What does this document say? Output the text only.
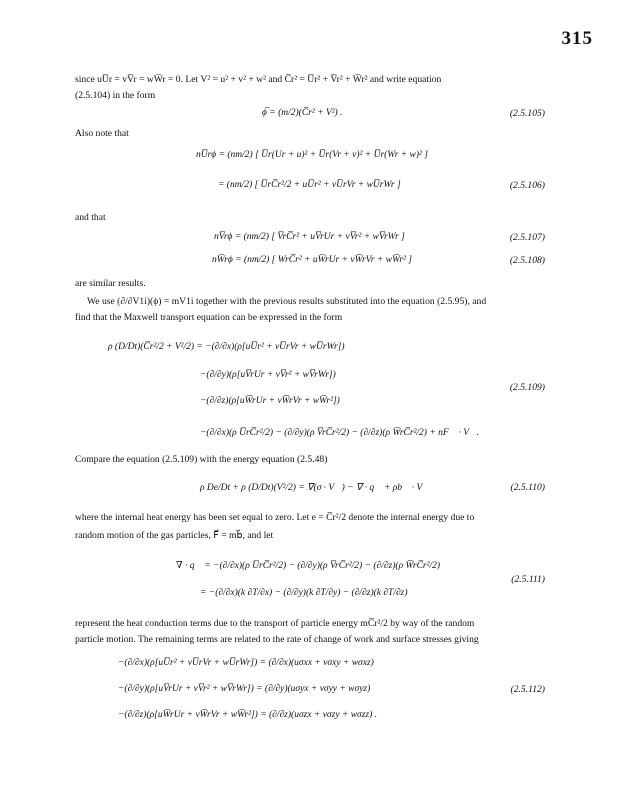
315
since uU̅r = vV̅r = wW̅r = 0. Let V² = u² + v² + w² and C̅r² = U̅r² + V̅r² + W̅r² and write equation
(2.5.104) in the form
ϕ̅ = (m/2)(C̅r² + V²) .	(2.5.105)
Also note that
nU̅rϕ = (nm/2) [ U̅r(Ur + u)² + U̅r(Vr + v)² + U̅r(Wr + w)² ]
= (nm/2) [ U̅rC̅r²/2 + uU̅r² + vU̅rVr + wU̅rWr ]	(2.5.106)
and that
nV̅rϕ = (nm/2) [ V̅rC̅r² + uV̅rUr + vV̅r² + wV̅rWr ]	(2.5.107)
nW̅rϕ = (nm/2) [ WrC̅r² + uW̅rUr + vW̅rVr + wW̅r² ]	(2.5.108)
are similar results.
We use (∂/∂V1i)(ϕ) = mV1i together with the previous results substituted into the equation (2.5.95), and
find that the Maxwell transport equation can be expressed in the form
ρ (D/Dt)(C̅r²/2 + V²/2) = −(∂/∂x)(ρ[uU̅r² + vU̅rVr + wU̅rWr])
−(∂/∂y)(ρ[uV̅rUr + vV̅r² + wV̅rWr])
−(∂/∂z)(ρ[uW̅rUr + vW̅rVr + wW̅r²])
(2.5.109)
−(∂/∂x)(ρ U̅rC̅r²/2) − (∂/∂y)(ρ V̅rC̅r²/2) − (∂/∂z)(ρ W̅rC̅r²/2) + nF⃗ · V⃗.
Compare the equation (2.5.109) with the energy equation (2.5.48)
ρ De/Dt + ρ (D/Dt)(V²/2) = ∇(σ · V⃗) − ∇ · q⃗ + ρb⃗ · V⃗	(2.5.110)
where the internal heat energy has been set equal to zero. Let e = C̅r²/2 denote the internal energy due to
random motion of the gas particles, F⃗ = mb⃗, and let
∇ · q⃗ = −(∂/∂x)(ρ U̅rC̅r²/2) − (∂/∂y)(ρ V̅rC̅r²/2) − (∂/∂z)(ρ W̅rC̅r²/2)
= −(∂/∂x)(k ∂T/∂x) − (∂/∂y)(k ∂T/∂y) − (∂/∂z)(k ∂T/∂z)
(2.5.111)
represent the heat conduction terms due to the transport of particle energy mC̅r²/2 by way of the random
particle motion. The remaining terms are related to the rate of change of work and surface stresses giving
−(∂/∂x)(ρ[uU̅r² + vU̅rVr + wU̅rWr]) = (∂/∂x)(uσxx + vσxy + wσxz)
−(∂/∂y)(ρ[uV̅rUr + vV̅r² + wV̅rWr]) = (∂/∂y)(uσyx + vσyy + wσyz)	(2.5.112)
−(∂/∂z)(ρ[uW̅rUr + vW̅rVr + wW̅r²]) = (∂/∂z)(uσzx + vσzy + wσzz) .
